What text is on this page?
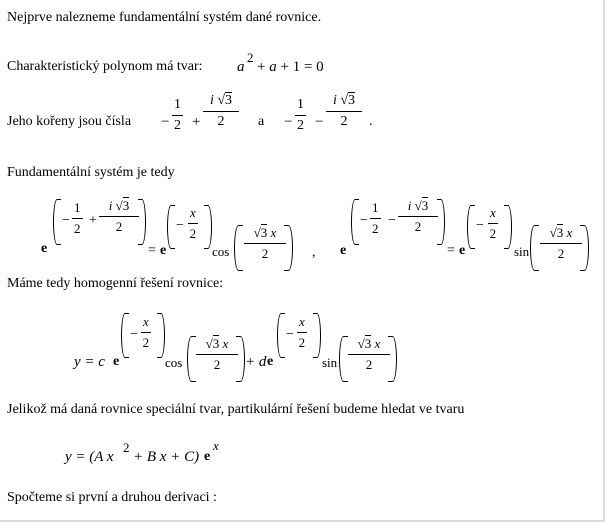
Nejprve nalezneme fundamentální systém dané rovnice.
Charakteristický polynom má tvar: a
2
+ a + 1 = 0
Jeho kořeny jsou čísla −
1
2 +
i √3
2	a −
1
2 −
i √3
2	.
Fundamentální systém je tedy
e
−
1
2
+
i √3
2
= e
−
x
2
cos
√3 x
2	, e
−
1
2
−
i √3
2
= e
−
x
2
sin
√3 x
2
Máme tedy homogenní řešení rovnice:
y = c e
−
x
2
cos
√3 x
2	+ d e
−
x
2
sin
√3 x
2
Jelikož má daná rovnice speciální tvar, partikulární řešení budeme hledat ve tvaru
y = (A x
2
+ B x + C) e
x
Spočteme si první a druhou derivaci :
